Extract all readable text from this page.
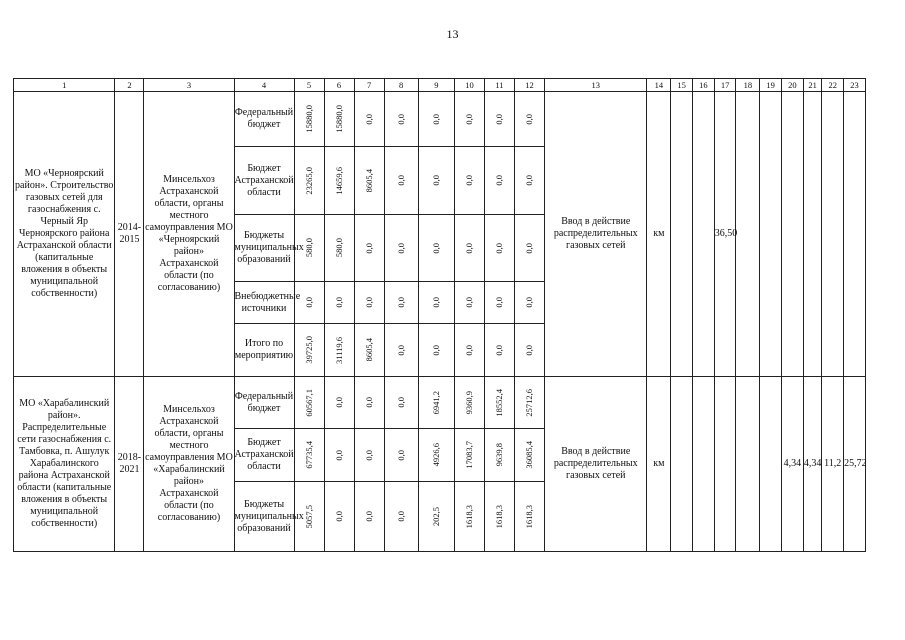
13
1	2	3	4	5	6	7	8	9	10	11	12	13	14	15	16	17	18	19	20	21	22	23
МО «Черноярский район». Строительство газовых сетей для газоснабжения с. Черный Яр Черноярского района Астраханской области (капитальные вложения в объекты муниципальной собственности)	2014-2015	Минсельхоз Астраханской области, органы местного самоуправления МО «Черноярский район» Астраханской области (по согласованию)	Федеральный бюджет	15880,0	15880,0	0,0	0,0	0,0	0,0	0,0	0,0	Ввод в действие распределительных газовых сетей	км			36,50						
			Бюджет Астраханской области	23265,0	14659,6	8605,4	0,0	0,0	0,0	0,0	0,0											

			Бюджеты муниципальных образований	580,0	580,0	0,0	0,0	0,0	0,0	0,0	0,0											

			Внебюджетные источники	0,0	0,0	0,0	0,0	0,0	0,0	0,0	0,0											

			Итого по мероприятию	39725,0	31119,6	8605,4	0,0	0,0	0,0	0,0	0,0											

МО «Харабалинский район». Распределительные сети газоснабжения с. Тамбовка, п. Ашулук Харабалинского района Астраханской области (капитальные вложения в объекты муниципальной собственности)	2018-2021	Минсельхоз Астраханской области, органы местного самоуправления МО «Харабалинский район» Астраханской области (по согласованию)	Федеральный бюджет	60567,1	0,0	0,0	0,0	6941,2	9360,9	18552,4	25712,6	Ввод в действие распределительных газовых сетей	км						4,34	4,34	11,2	25,72
			Бюджет Астраханской области	67735,4	0,0	0,0	0,0	4926,6	17083,7	9639,8	36085,4											

			Бюджеты муниципальных образований	5057,5	0,0	0,0	0,0	202,5	1618,3	1618,3	1618,3											
